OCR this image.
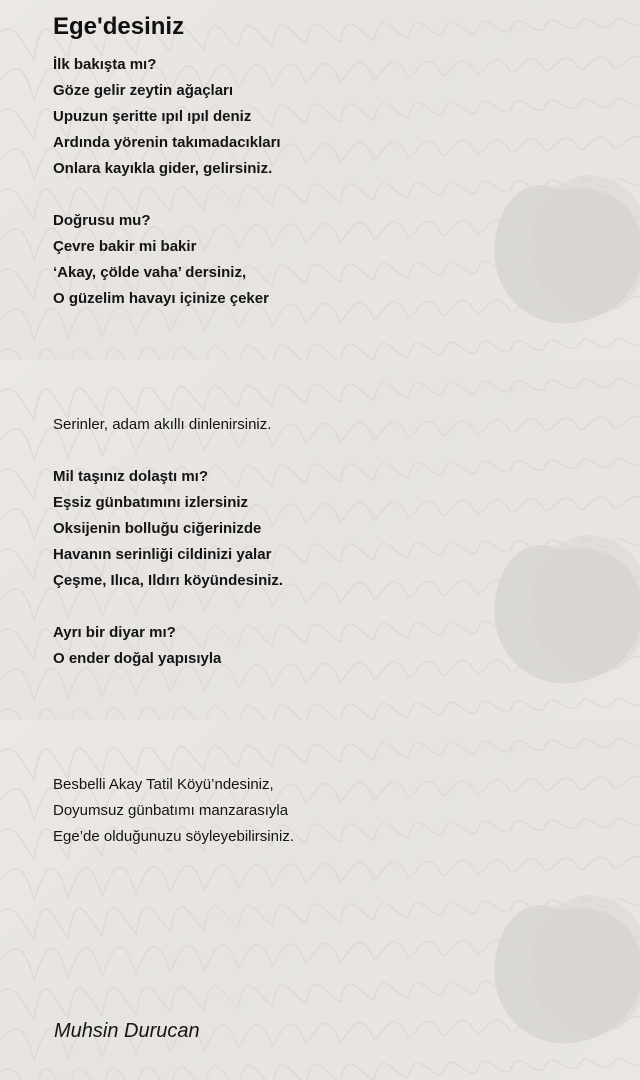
Ege'desiniz
İlk bakışta mı?
Göze gelir zeytin ağaçları
Upuzun şeritte ıpıl ıpıl deniz
Ardında yörenin takımadacıkları
Onlara kayıkla gider, gelirsiniz.
Doğrusu mu?
Çevre bakir mi bakir
‘Akay, çölde vaha’ dersiniz,
O güzelim havayı içinize çeker
Serinler, adam akıllı dinlenirsiniz.
Mil taşınız dolaştı mı?
Eşsiz günbatımını izlersiniz
Oksijenin bolluğu ciğerinizde
Havanın serinliği cildinizi yalar
Çeşme, Ilıca, Ildırı köyündesiniz.
Ayrı bir diyar mı?
O ender doğal yapısıyla
Besbelli Akay Tatil Köyü’ndesiniz,
Doyumsuz günbatımı manzarasıyla
Ege’de olduğunuzu söyleyebilirsiniz.
Muhsin Durucan
